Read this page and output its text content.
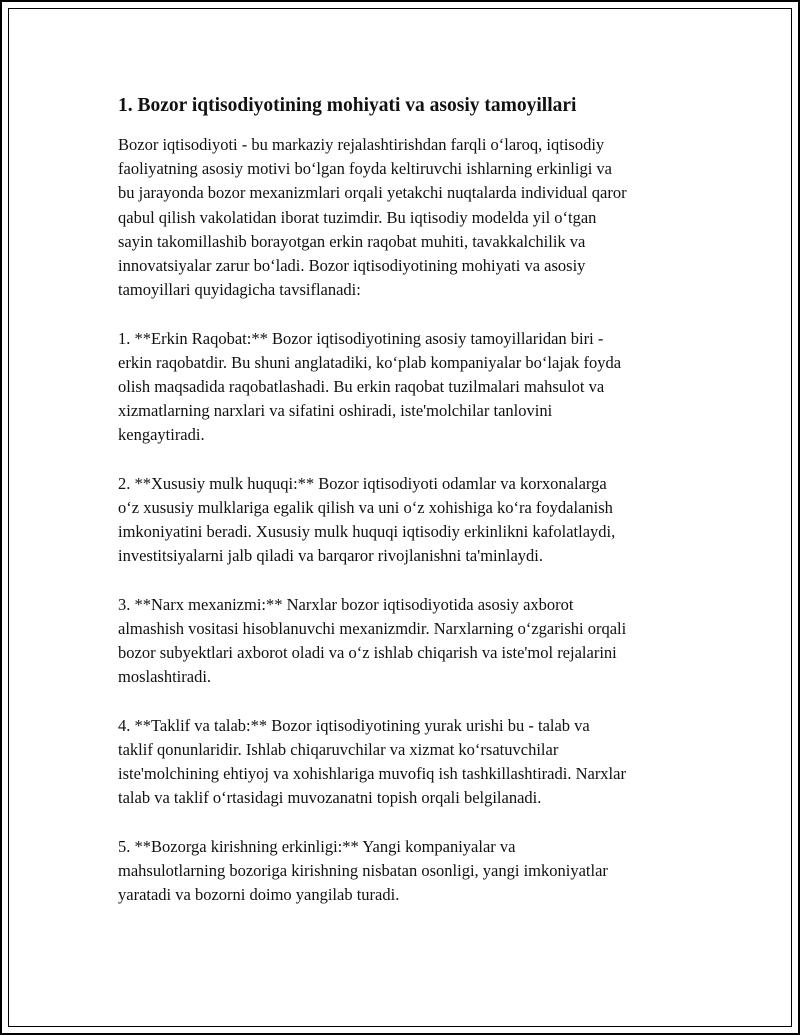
1. Bozor iqtisodiyotining mohiyati va asosiy tamoyillari
Bozor iqtisodiyoti - bu markaziy rejalashtirishdan farqli o‘laroq, iqtisodiy
faoliyatning asosiy motivi bo‘lgan foyda keltiruvchi ishlarning erkinligi va
bu jarayonda bozor mexanizmlari orqali yetakchi nuqtalarda individual qaror
qabul qilish vakolatidan iborat tuzimdir. Bu iqtisodiy modelda yil o‘tgan
sayin takomillashib borayotgan erkin raqobat muhiti, tavakkalchilik va
innovatsiyalar zarur bo‘ladi. Bozor iqtisodiyotining mohiyati va asosiy
tamoyillari quyidagicha tavsiflanadi:
1. **Erkin Raqobat:** Bozor iqtisodiyotining asosiy tamoyillaridan biri -
erkin raqobatdir. Bu shuni anglatadiki, ko‘plab kompaniyalar bo‘lajak foyda
olish maqsadida raqobatlashadi. Bu erkin raqobat tuzilmalari mahsulot va
xizmatlarning narxlari va sifatini oshiradi, iste'molchilar tanlovini
kengaytiradi.
2. **Xususiy mulk huquqi:** Bozor iqtisodiyoti odamlar va korxonalarga
o‘z xususiy mulklariga egalik qilish va uni o‘z xohishiga ko‘ra foydalanish
imkoniyatini beradi. Xususiy mulk huquqi iqtisodiy erkinlikni kafolatlaydi,
investitsiyalarni jalb qiladi va barqaror rivojlanishni ta'minlaydi.
3. **Narx mexanizmi:** Narxlar bozor iqtisodiyotida asosiy axborot
almashish vositasi hisoblanuvchi mexanizmdir. Narxlarning o‘zgarishi orqali
bozor subyektlari axborot oladi va o‘z ishlab chiqarish va iste'mol rejalarini
moslashtiradi.
4. **Taklif va talab:** Bozor iqtisodiyotining yurak urishi bu - talab va
taklif qonunlaridir. Ishlab chiqaruvchilar va xizmat ko‘rsatuvchilar
iste'molchining ehtiyoj va xohishlariga muvofiq ish tashkillashtiradi. Narxlar
talab va taklif o‘rtasidagi muvozanatni topish orqali belgilanadi.
5. **Bozorga kirishning erkinligi:** Yangi kompaniyalar va
mahsulotlarning bozoriga kirishning nisbatan osonligi, yangi imkoniyatlar
yaratadi va bozorni doimo yangilab turadi.
